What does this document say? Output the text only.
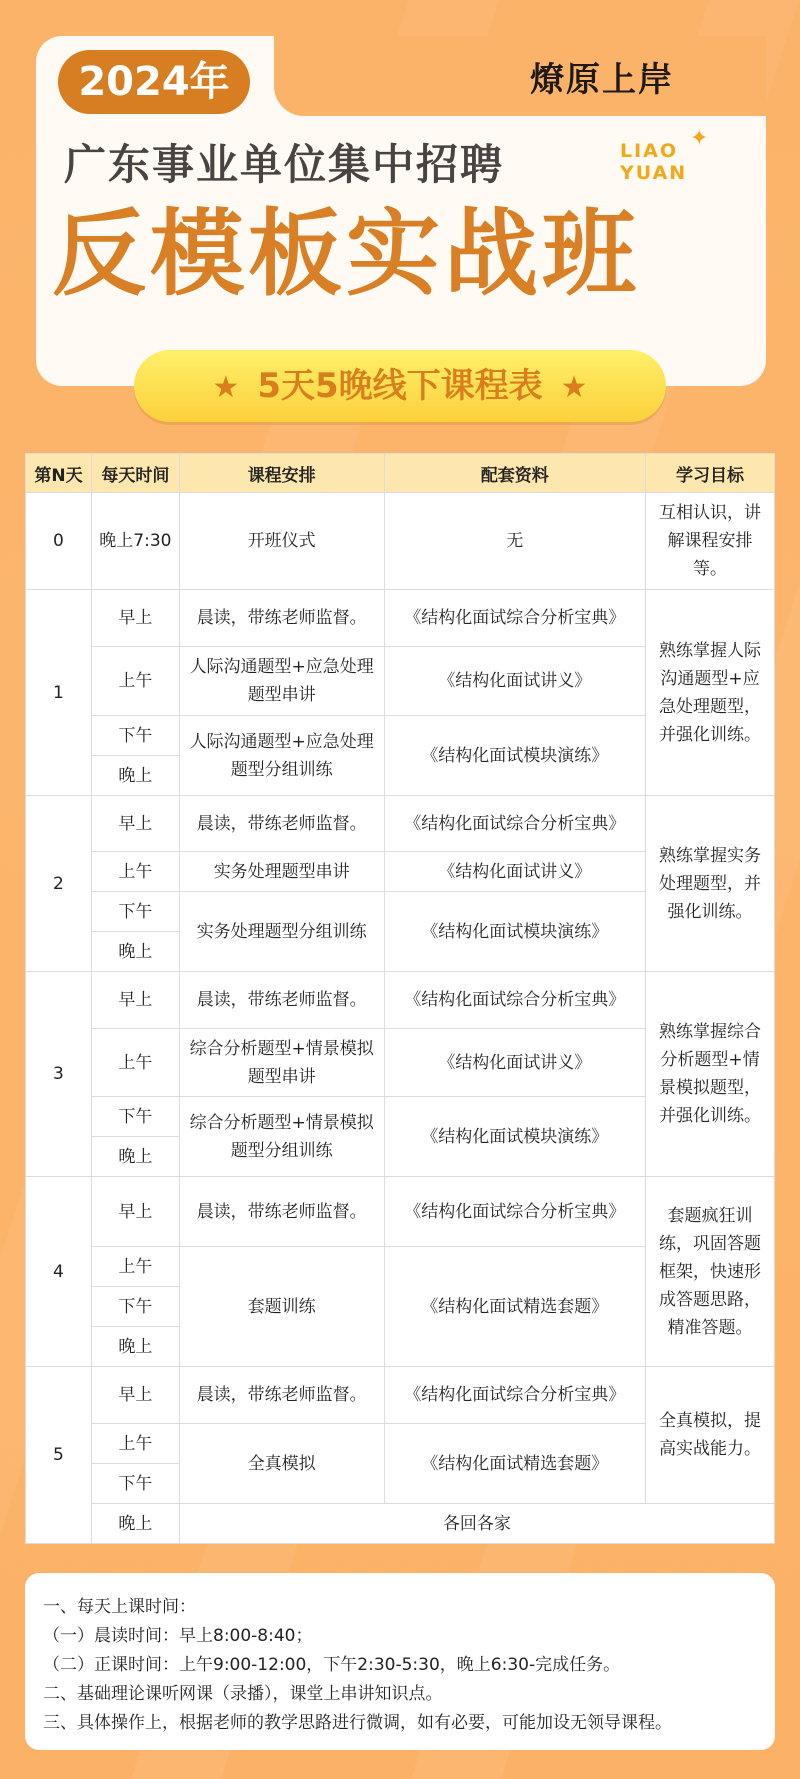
2024年	燎原上岸
广东事业单位集中招聘	LIAO
YUAN
✦
反模板实战班
★ 5天5晚线下课程表 ★
第N天	每天时间	课程安排	配套资料	学习目标
0	晚上7:30	开班仪式	无	互相认识，讲解课程安排等。
1	早上	晨读，带练老师监督。	《结构化面试综合分析宝典》	熟练掌握人际沟通题型+应急处理题型，并强化训练。
	上午	人际沟通题型+应急处理题型串讲	《结构化面试讲义》	
	下午	人际沟通题型+应急处理题型分组训练	《结构化面试模块演练》	
	晚上			
2	早上	晨读，带练老师监督。	《结构化面试综合分析宝典》	熟练掌握实务处理题型，并强化训练。
	上午	实务处理题型串讲	《结构化面试讲义》	
	下午	实务处理题型分组训练	《结构化面试模块演练》	
	晚上			
3	早上	晨读，带练老师监督。	《结构化面试综合分析宝典》	熟练掌握综合分析题型+情景模拟题型，并强化训练。
	上午	综合分析题型+情景模拟题型串讲	《结构化面试讲义》	
	下午	综合分析题型+情景模拟题型分组训练	《结构化面试模块演练》	
	晚上			
4	早上	晨读，带练老师监督。	《结构化面试综合分析宝典》	套题疯狂训练，巩固答题框架，快速形成答题思路，精准答题。
	上午	套题训练	《结构化面试精选套题》	
	下午			
	晚上			
5	早上	晨读，带练老师监督。	《结构化面试综合分析宝典》	全真模拟，提高实战能力。
	上午	全真模拟	《结构化面试精选套题》	
	下午			
	晚上	各回各家		
一、每天上课时间：
（一）晨读时间：早上8:00-8:40；
（二）正课时间：上午9:00-12:00，下午2:30-5:30，晚上6:30-完成任务。
二、基础理论课听网课（录播），课堂上串讲知识点。
三、具体操作上，根据老师的教学思路进行微调，如有必要，可能加设无领导课程。
